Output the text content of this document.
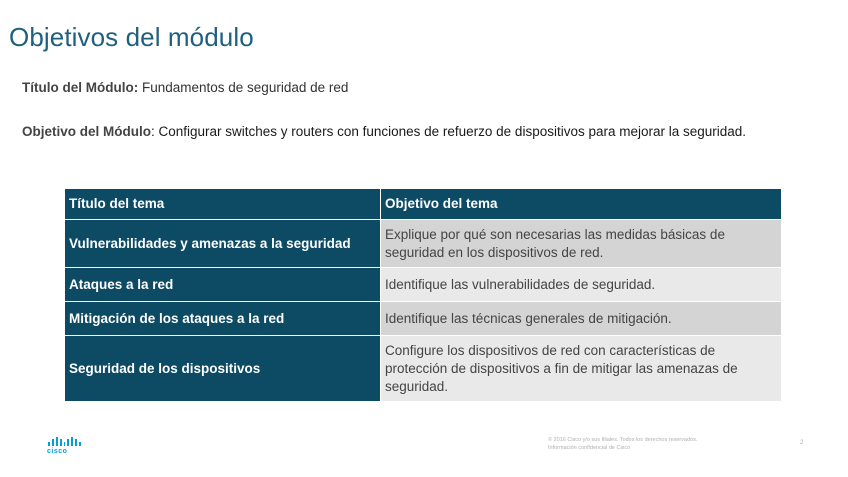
Objetivos del módulo
Título del Módulo: Fundamentos de seguridad de red
Objetivo del Módulo: Configurar switches y routers con funciones de refuerzo de dispositivos para mejorar la seguridad.
Título del tema	Objetivo del tema
Vulnerabilidades y amenazas a la seguridad	Explique por qué son necesarias las medidas básicas de seguridad en los dispositivos de red.
Ataques a la red	Identifique las vulnerabilidades de seguridad.
Mitigación de los ataques a la red	Identifique las técnicas generales de mitigación.
Seguridad de los dispositivos	Configure los dispositivos de red con características de protección de dispositivos a fin de mitigar las amenazas de seguridad.
cisco
© 2016 Cisco y/o sus filiales. Todos los derechos reservados.
Información confidencial de Cisco
2
